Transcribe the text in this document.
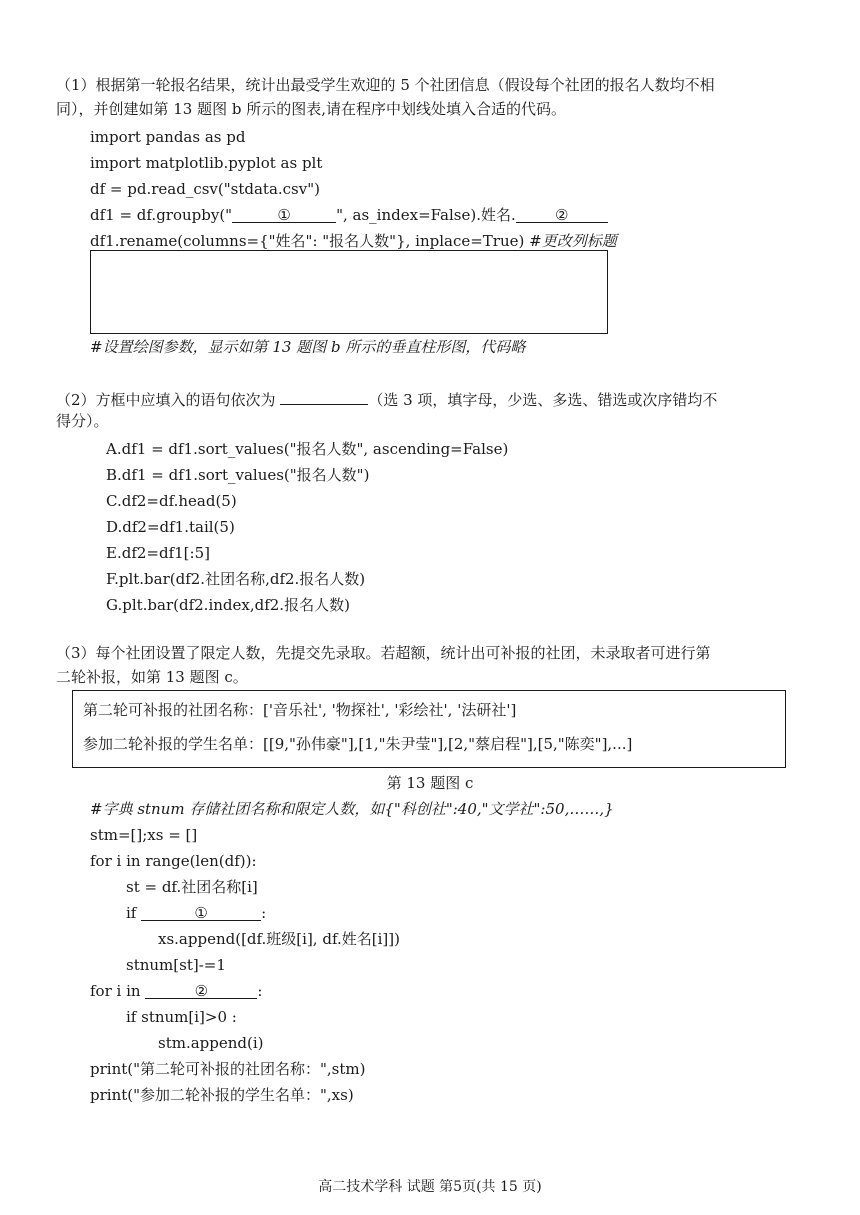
（1）根据第一轮报名结果，统计出最受学生欢迎的 5 个社团信息（假设每个社团的报名人数均不相
同），并创建如第 13 题图 b 所示的图表,请在程序中划线处填入合适的代码。
import pandas as pd
import matplotlib.pyplot as plt
df = pd.read_csv("stdata.csv")
df1 = df.groupby("	①	", as_index=False).姓名.	②
df1.rename(columns={"姓名": "报名人数"}, inplace=True) #更改列标题
#设置绘图参数，显示如第 13 题图 b 所示的垂直柱形图，代码略
（2）方框中应填入的语句依次为	（选 3 项，填字母，少选、多选、错选或次序错均不
得分）。
A.df1 = df1.sort_values("报名人数", ascending=False)
B.df1 = df1.sort_values("报名人数")
C.df2=df.head(5)
D.df2=df1.tail(5)
E.df2=df1[:5]
F.plt.bar(df2.社团名称,df2.报名人数)
G.plt.bar(df2.index,df2.报名人数)
（3）每个社团设置了限定人数，先提交先录取。若超额，统计出可补报的社团，未录取者可进行第
二轮补报，如第 13 题图 c。
第二轮可补报的社团名称：['音乐社', '物探社', '彩绘社', '法研社']
参加二轮补报的学生名单：[[9,"孙伟豪"],[1,"朱尹莹"],[2,"蔡启程"],[5,"陈奕"],...]
第 13 题图 c
#字典 stnum 存储社团名称和限定人数，如{"科创社":40,"文学社":50,……,}
stm=[];xs = []
for i in range(len(df)):
st = df.社团名称[i]
if	①	:
xs.append([df.班级[i], df.姓名[i]])
stnum[st]-=1
for i in	②	:
if stnum[i]>0 :
stm.append(i)
print("第二轮可补报的社团名称：",stm)
print("参加二轮补报的学生名单：",xs)
高二技术学科 试题 第5页(共 15 页)
